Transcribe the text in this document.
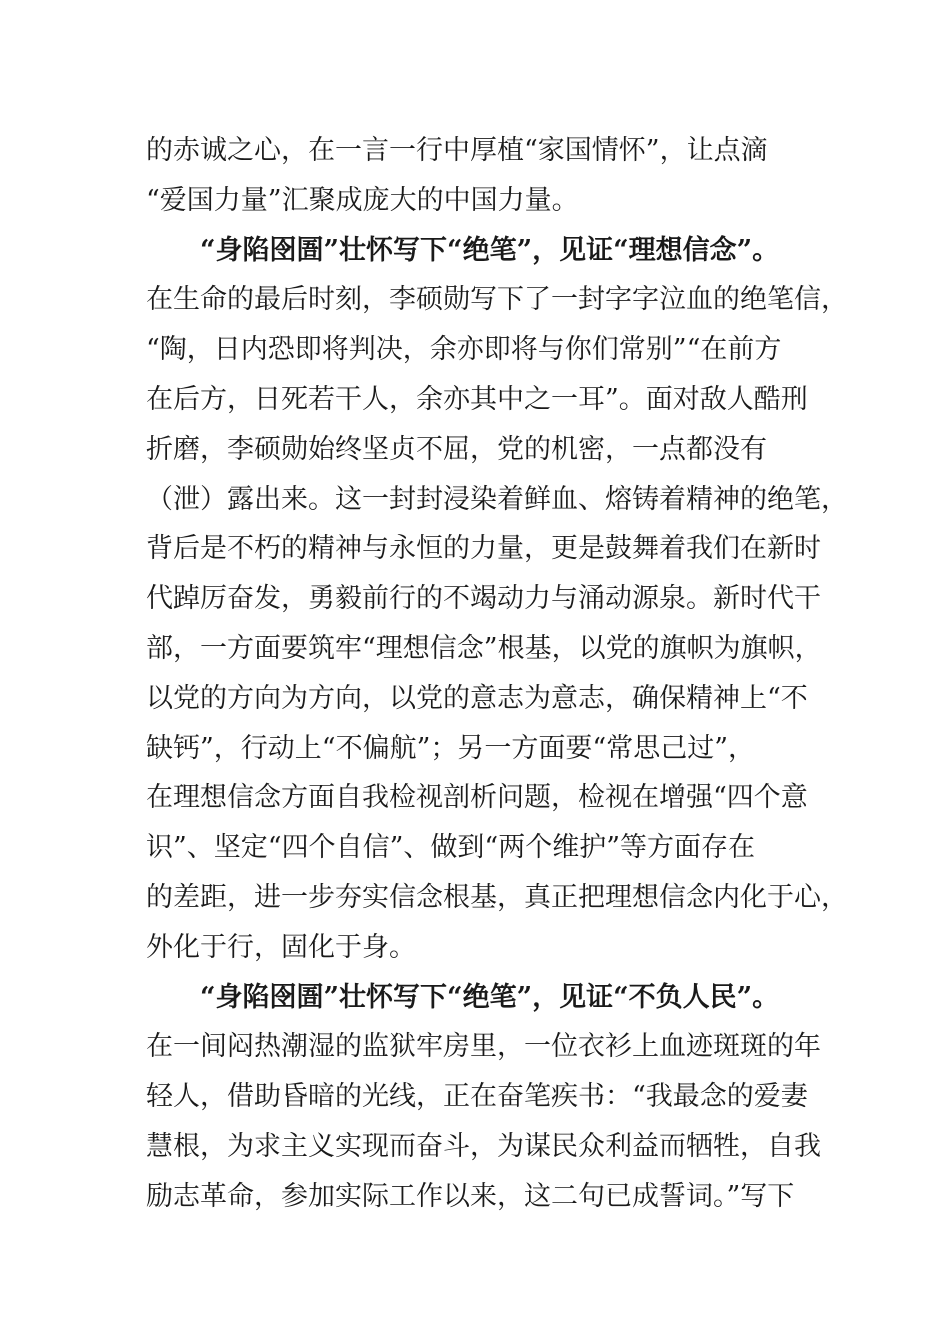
的赤诚之心，在一言一行中厚植“家国情怀”，让点滴
“爱国力量”汇聚成庞大的中国力量。
“身陷囹圄”壮怀写下“绝笔”，见证“理想信念”。
在生命的最后时刻，李硕勋写下了一封字字泣血的绝笔信，
“陶，日内恐即将判决，余亦即将与你们常别”“在前方
在后方，日死若干人，余亦其中之一耳”。面对敌人酷刑
折磨，李硕勋始终坚贞不屈，党的机密，一点都没有
（泄）露出来。这一封封浸染着鲜血、熔铸着精神的绝笔，
背后是不朽的精神与永恒的力量，更是鼓舞着我们在新时
代踔厉奋发，勇毅前行的不竭动力与涌动源泉。新时代干
部，一方面要筑牢“理想信念”根基，以党的旗帜为旗帜，
以党的方向为方向，以党的意志为意志，确保精神上“不
缺钙”，行动上“不偏航”；另一方面要“常思己过”，
在理想信念方面自我检视剖析问题，检视在增强“四个意
识”、坚定“四个自信”、做到“两个维护”等方面存在
的差距，进一步夯实信念根基，真正把理想信念内化于心，
外化于行，固化于身。
“身陷囹圄”壮怀写下“绝笔”，见证“不负人民”。
在一间闷热潮湿的监狱牢房里，一位衣衫上血迹斑斑的年
轻人，借助昏暗的光线，正在奋笔疾书：“我最念的爱妻
慧根，为求主义实现而奋斗，为谋民众利益而牺牲，自我
励志革命，参加实际工作以来，这二句已成誓词。”写下
